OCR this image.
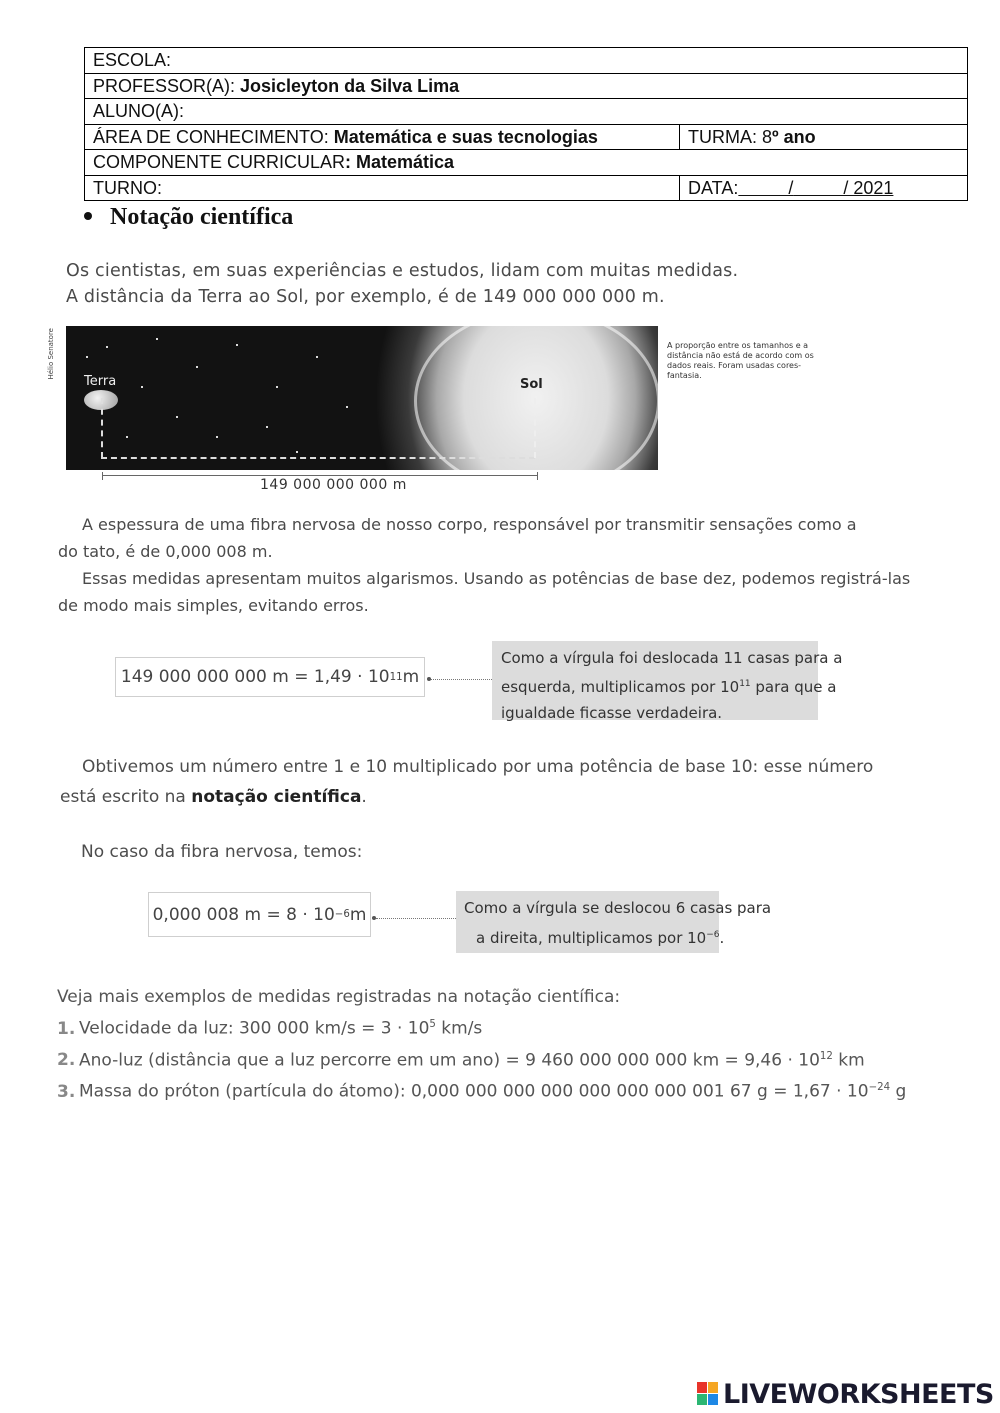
ESCOLA:	
PROFESSOR(A): Josicleyton da Silva Lima	
ALUNO(A):	
ÁREA DE CONHECIMENTO: Matemática e suas tecnologias	TURMA: 8º ano
COMPONENTE CURRICULAR: Matemática	
TURNO:	DATA:          /          / 2021
Notação científica
Os cientistas, em suas experiências e estudos, lidam com muitas medidas.
A distância da Terra ao Sol, por exemplo, é de 149 000 000 000 m.
Hélio Senatore
Terra	Sol
149 000 000 000 m
A proporção entre os tamanhos e a distância não está de acordo com os dados reais. Foram usadas cores-fantasia.
A espessura de uma fibra nervosa de nosso corpo, responsável por transmitir sensações como a
do tato, é de 0,000 008 m.
Essas medidas apresentam muitos algarismos. Usando as potências de base dez, podemos registrá-las
de modo mais simples, evitando erros.
149 000 000 000 m = 1,49 · 10 11 m
Como a vírgula foi deslocada 11 casas para a
esquerda, multiplicamos por $10^{11}$ para que a
igualdade ficasse verdadeira.
Obtivemos um número entre 1 e 10 multiplicado por uma potência de base 10: esse número
está escrito na notação científica.
No caso da fibra nervosa, temos:
0,000 008 m = 8 · 10 −6 m	Como a vírgula se deslocou 6 casas para
a direita, multiplicamos por $10^{-6}$.
Veja mais exemplos de medidas registradas na notação científica:
1. Velocidade da luz: 300 000 $km/s = 3 \cdot 10^5$ km/s
2. Ano-luz (distância que a luz percorre em um ano) = 9 460 000 000 000 km = $9,46 \cdot 10^{12}$ km
3. Massa do próton (partícula do átomo): 0,000 000 000 000 000 000 000 001 67 $g = 1,67 \cdot 10^{-24}$ g
LIVEWORKSHEETS
